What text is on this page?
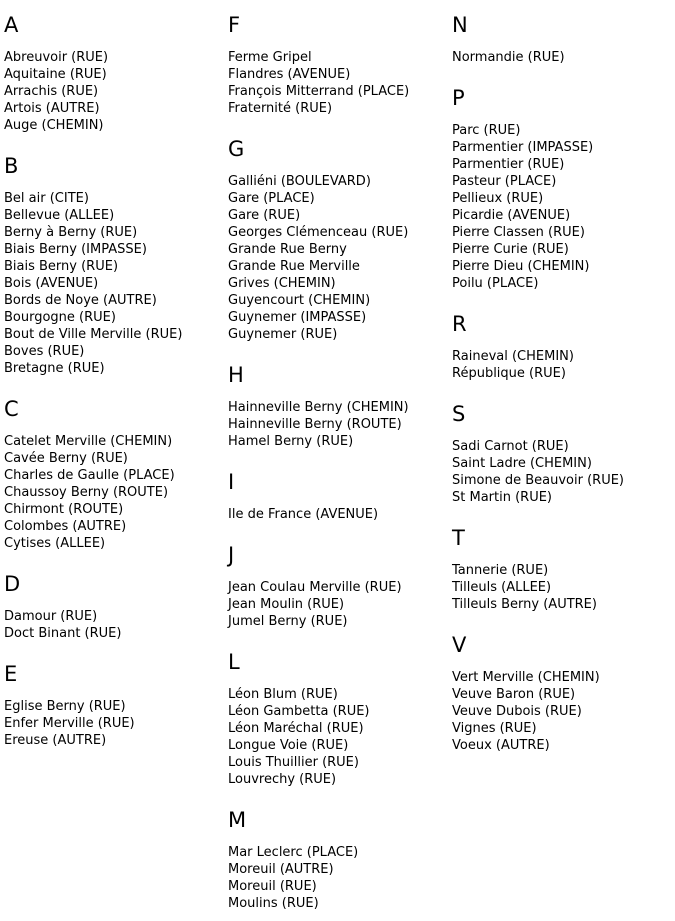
A
Abreuvoir (RUE)
Aquitaine (RUE)
Arrachis (RUE)
Artois (AUTRE)
Auge (CHEMIN)
B
Bel air (CITE)
Bellevue (ALLEE)
Berny à Berny (RUE)
Biais Berny (IMPASSE)
Biais Berny (RUE)
Bois (AVENUE)
Bords de Noye (AUTRE)
Bourgogne (RUE)
Bout de Ville Merville (RUE)
Boves (RUE)
Bretagne (RUE)
C
Catelet Merville (CHEMIN)
Cavée Berny (RUE)
Charles de Gaulle (PLACE)
Chaussoy Berny (ROUTE)
Chirmont (ROUTE)
Colombes (AUTRE)
Cytises (ALLEE)
D
Damour (RUE)
Doct Binant (RUE)
E
Eglise Berny (RUE)
Enfer Merville (RUE)
Ereuse (AUTRE)
F
Ferme Gripel
Flandres (AVENUE)
François Mitterrand (PLACE)
Fraternité (RUE)
G
Galliéni (BOULEVARD)
Gare (PLACE)
Gare (RUE)
Georges Clémenceau (RUE)
Grande Rue Berny
Grande Rue Merville
Grives (CHEMIN)
Guyencourt (CHEMIN)
Guynemer (IMPASSE)
Guynemer (RUE)
H
Hainneville Berny (CHEMIN)
Hainneville Berny (ROUTE)
Hamel Berny (RUE)
I
Ile de France (AVENUE)
J
Jean Coulau Merville (RUE)
Jean Moulin (RUE)
Jumel Berny (RUE)
L
Léon Blum (RUE)
Léon Gambetta (RUE)
Léon Maréchal (RUE)
Longue Voie (RUE)
Louis Thuillier (RUE)
Louvrechy (RUE)
M
Mar Leclerc (PLACE)
Moreuil (AUTRE)
Moreuil (RUE)
Moulins (RUE)
N
Normandie (RUE)
P
Parc (RUE)
Parmentier (IMPASSE)
Parmentier (RUE)
Pasteur (PLACE)
Pellieux (RUE)
Picardie (AVENUE)
Pierre Classen (RUE)
Pierre Curie (RUE)
Pierre Dieu (CHEMIN)
Poilu (PLACE)
R
Raineval (CHEMIN)
République (RUE)
S
Sadi Carnot (RUE)
Saint Ladre (CHEMIN)
Simone de Beauvoir (RUE)
St Martin (RUE)
T
Tannerie (RUE)
Tilleuls (ALLEE)
Tilleuls Berny (AUTRE)
V
Vert Merville (CHEMIN)
Veuve Baron (RUE)
Veuve Dubois (RUE)
Vignes (RUE)
Voeux (AUTRE)
